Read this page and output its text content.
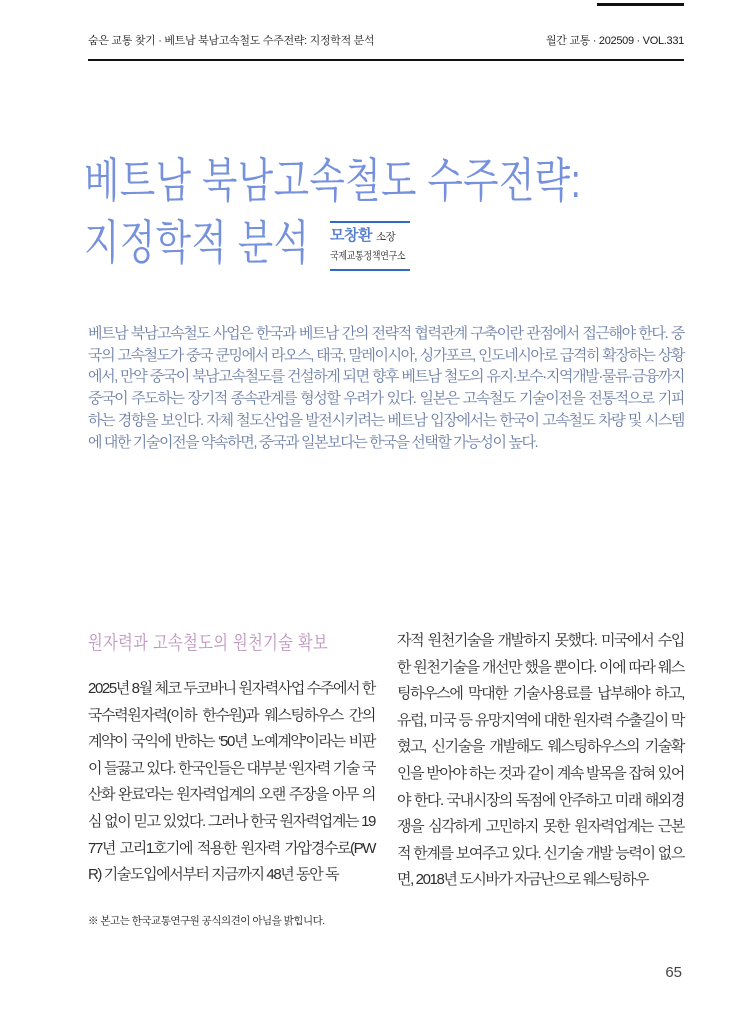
숨은 교통 찾기 · 베트남 북남고속철도 수주전략: 지정학적 분석	월간 교통 · 202509 · VOL.331
베트남 북남고속철도 수주전략:
지정학적 분석	모창환 소장
국제교통정책연구소
베트남 북남고속철도 사업은 한국과 베트남 간의 전략적 협력관계 구축이란 관점에서 접근해야 한다. 중국의 고속철도가 중국 쿤밍에서 라오스, 태국, 말레이시아, 싱가포르, 인도네시아로 급격히 확장하는 상황에서, 만약 중국이 북남고속철도를 건설하게 되면 향후 베트남 철도의 유지·보수·지역개발·물류·금융까지 중국이 주도하는 장기적 종속관계를 형성할 우려가 있다. 일본은 고속철도 기술이전을 전통적으로 기피하는 경향을 보인다. 자체 철도산업을 발전시키려는 베트남 입장에서는 한국이 고속철도 차량 및 시스템에 대한 기술이전을 약속하면, 중국과 일본보다는 한국을 선택할 가능성이 높다.
원자력과 고속철도의 원천기술 확보
2025년 8월 체코 두코바니 원자력사업 수주에서 한국수력원자력(이하 한수원)과 웨스팅하우스 간의 계약이 국익에 반하는 ‘50년 노예계약’이라는 비판이 들끓고 있다. 한국인들은 대부분 ‘원자력 기술 국산화 완료’라는 원자력업계의 오랜 주장을 아무 의심 없이 믿고 있었다. 그러나 한국 원자력업계는 1977년 고리1호기에 적용한 원자력 가압경수로(PWR) 기술도입에서부터 지금까지 48년 동안 독
자적 원천기술을 개발하지 못했다. 미국에서 수입한 원천기술을 개선만 했을 뿐이다. 이에 따라 웨스팅하우스에 막대한 기술사용료를 납부해야 하고, 유럽, 미국 등 유망지역에 대한 원자력 수출길이 막혔고, 신기술을 개발해도 웨스팅하우스의 기술확인을 받아야 하는 것과 같이 계속 발목을 잡혀 있어야 한다. 국내시장의 독점에 안주하고 미래 해외경쟁을 심각하게 고민하지 못한 원자력업계는 근본적 한계를 보여주고 있다. 신기술 개발 능력이 없으면, 2018년 도시바가 자금난으로 웨스팅하우
※ 본고는 한국교통연구원 공식의견이 아님을 밝힙니다.
65
